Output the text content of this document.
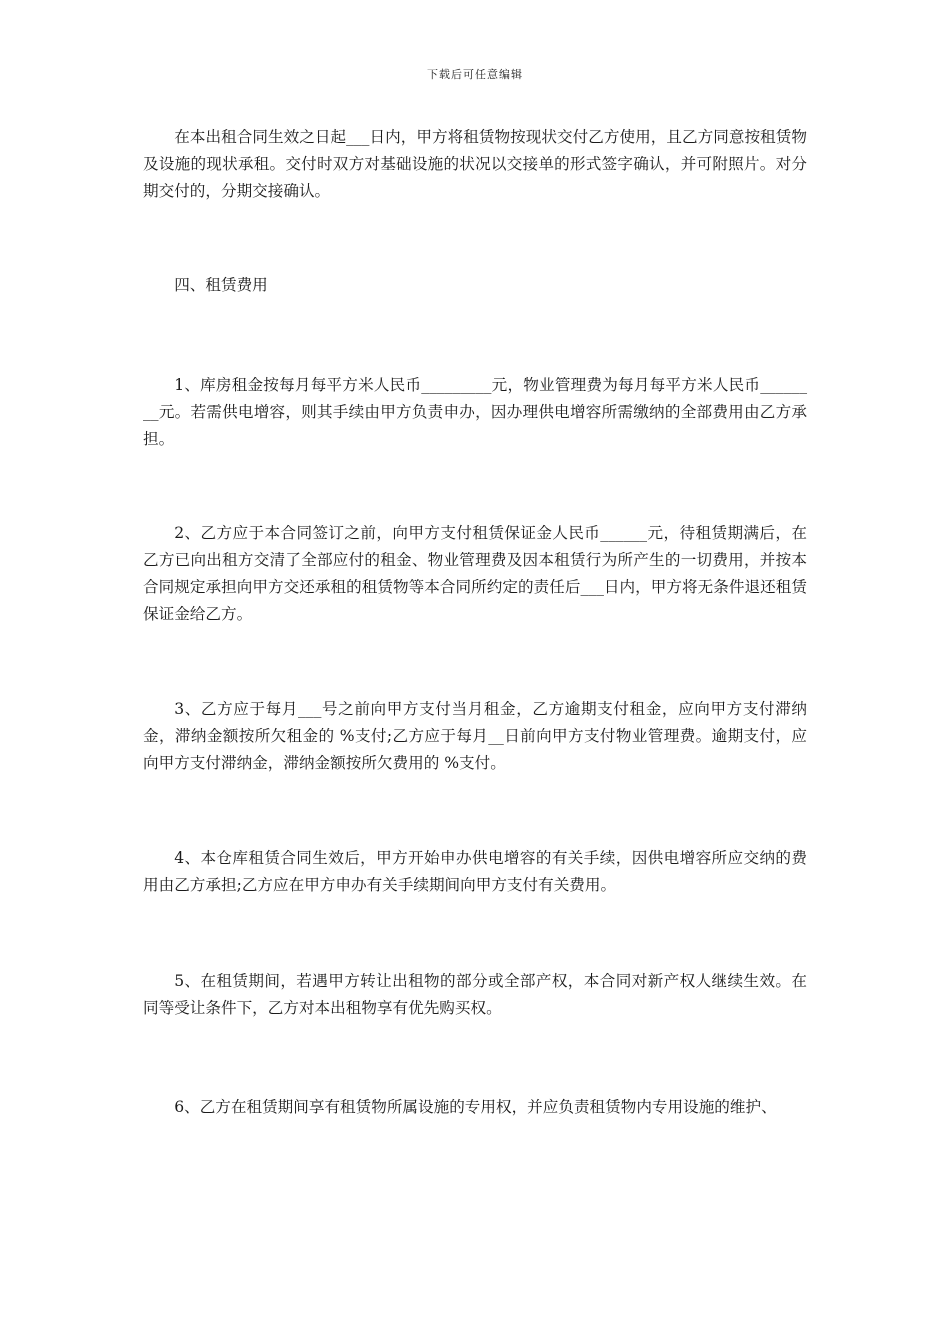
下载后可任意编辑

在本出租合同生效之日起___日内，甲方将租赁物按现状交付乙方使用，且乙方同意按租赁物及设施的现状承租。交付时双方对基础设施的状况以交接单的形式签字确认，并可附照片。对分期交付的，分期交接确认。

四、租赁费用

1、库房租金按每月每平方米人民币_________元，物业管理费为每月每平方米人民币________元。若需供电增容，则其手续由甲方负责申办，因办理供电增容所需缴纳的全部费用由乙方承担。

2、乙方应于本合同签订之前，向甲方支付租赁保证金人民币______元，待租赁期满后，在乙方已向出租方交清了全部应付的租金、物业管理费及因本租赁行为所产生的一切费用，并按本合同规定承担向甲方交还承租的租赁物等本合同所约定的责任后___日内，甲方将无条件退还租赁保证金给乙方。

3、乙方应于每月___号之前向甲方支付当月租金，乙方逾期支付租金，应向甲方支付滞纳金，滞纳金额按所欠租金的 %支付;乙方应于每月__日前向甲方支付物业管理费。逾期支付，应向甲方支付滞纳金，滞纳金额按所欠费用的 %支付。

4、本仓库租赁合同生效后，甲方开始申办供电增容的有关手续，因供电增容所应交纳的费用由乙方承担;乙方应在甲方申办有关手续期间向甲方支付有关费用。

5、在租赁期间，若遇甲方转让出租物的部分或全部产权，本合同对新产权人继续生效。在同等受让条件下，乙方对本出租物享有优先购买权。

6、乙方在租赁期间享有租赁物所属设施的专用权，并应负责租赁物内专用设施的维护、
